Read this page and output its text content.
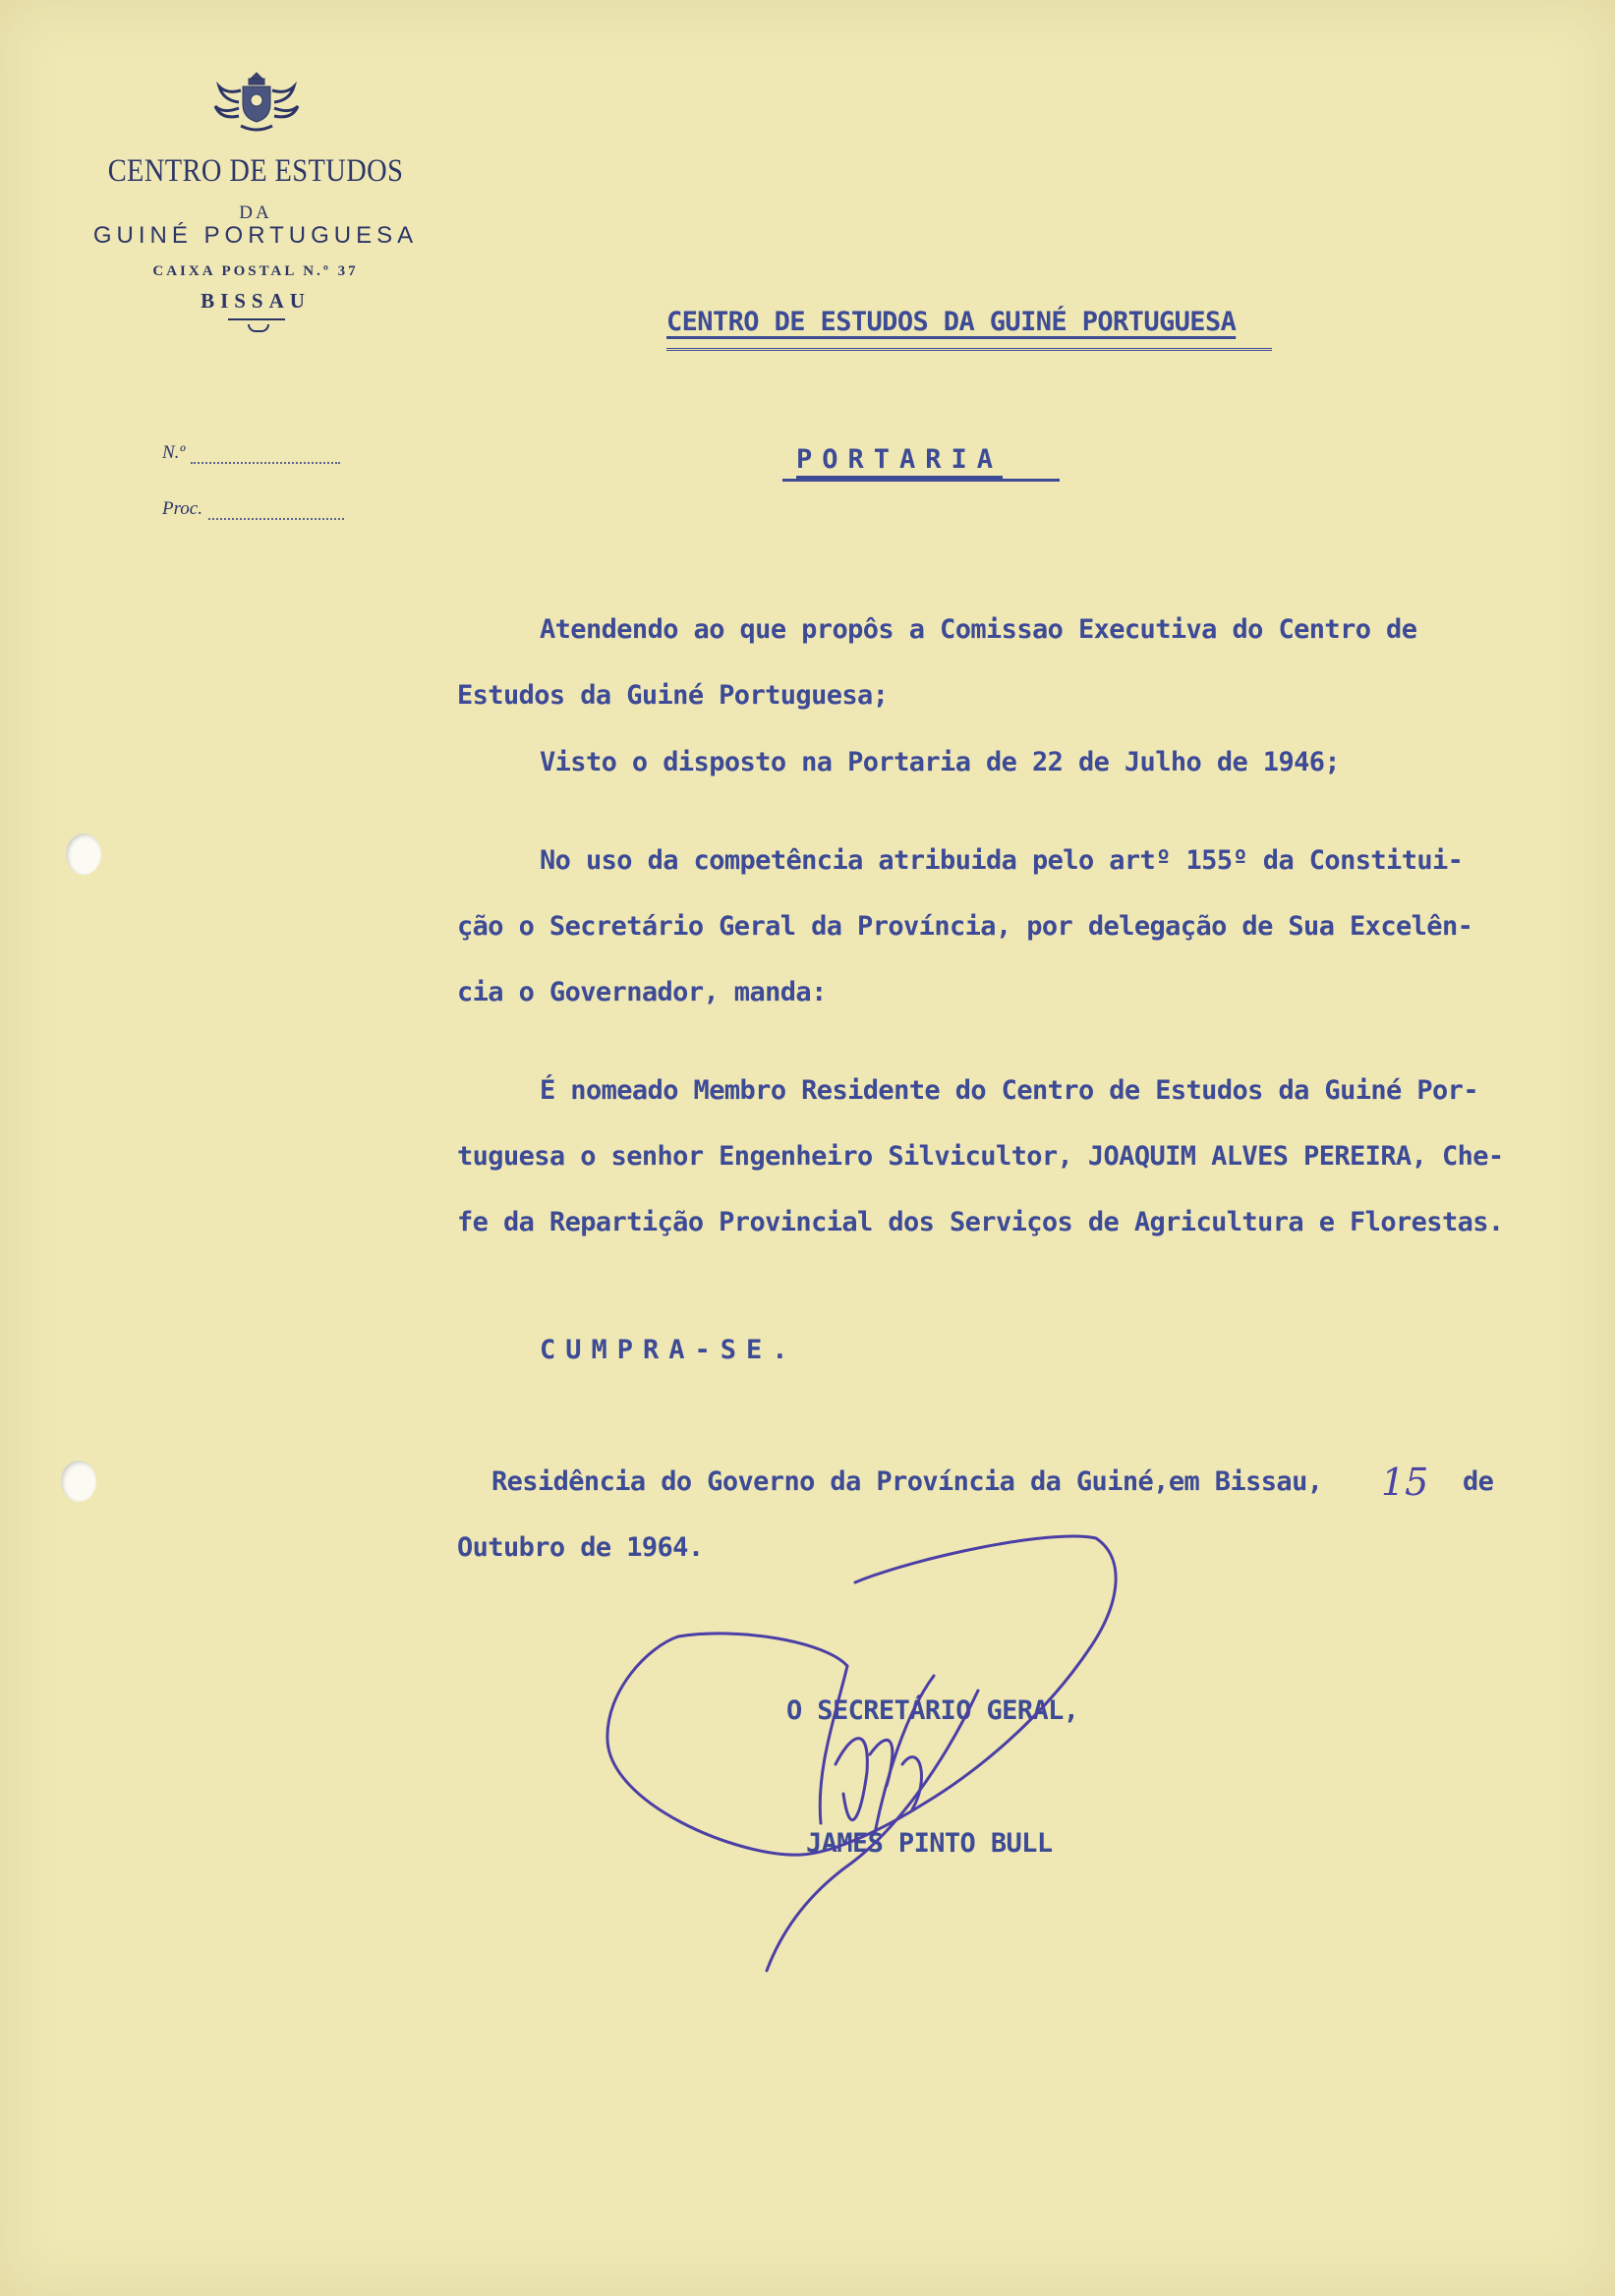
CENTRO DE ESTUDOS
DA
GUINÉ PORTUGUESA
CAIXA POSTAL N.º 37
BISSAU
N.º
Proc.
CENTRO DE ESTUDOS DA GUINÉ PORTUGUESA
PORTARIA
Atendendo ao que propôs a Comissao Executiva do Centro de
Estudos da Guiné Portuguesa;
Visto o disposto na Portaria de 22 de Julho de 1946;
No uso da competência atribuida pelo artº 155º da Constitui-
ção o Secretário Geral da Província, por delegação de Sua Excelên-
cia o Governador, manda:
É nomeado Membro Residente do Centro de Estudos da Guiné Por-
tuguesa o senhor Engenheiro Silvicultor, JOAQUIM ALVES PEREIRA, Che-
fe da Repartição Provincial dos Serviços de Agricultura e Florestas.
CUMPRA-SE.
Residência do Governo da Província da Guiné,em Bissau, 15 de
Outubro de 1964.
O SECRETÁRIO GERAL,
JAMES PINTO BULL
